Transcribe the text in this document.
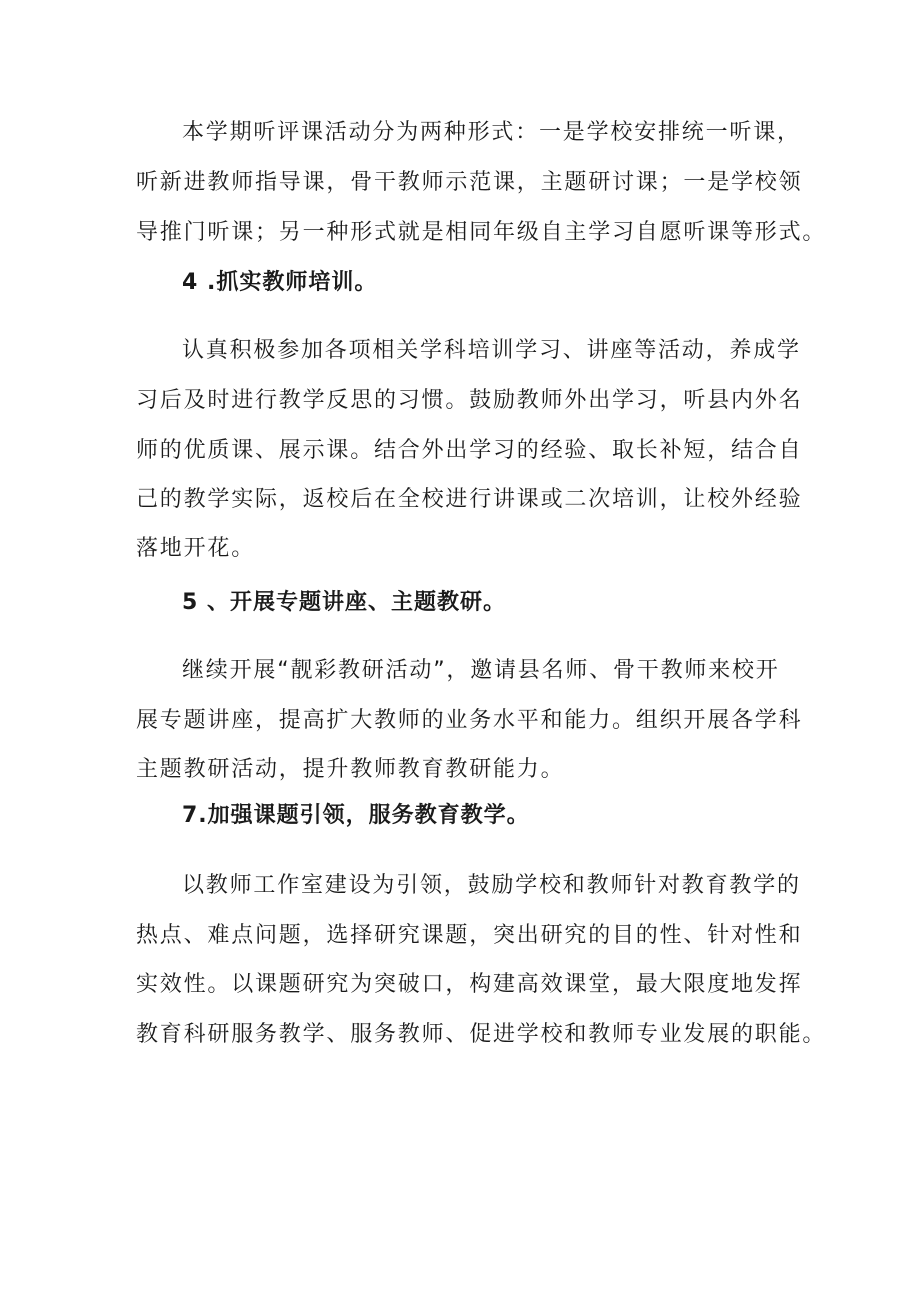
本学期听评课活动分为两种形式：一是学校安排统一听课，

听新进教师指导课，骨干教师示范课，主题研讨课；一是学校领

导推门听课；另一种形式就是相同年级自主学习自愿听课等形式。

4 .抓实教师培训。

认真积极参加各项相关学科培训学习、讲座等活动，养成学

习后及时进行教学反思的习惯。鼓励教师外出学习，听县内外名

师的优质课、展示课。结合外出学习的经验、取长补短，结合自

己的教学实际，返校后在全校进行讲课或二次培训，让校外经验

落地开花。

5 、开展专题讲座、主题教研。

继续开展“靓彩教研活动”，邀请县名师、骨干教师来校开

展专题讲座，提高扩大教师的业务水平和能力。组织开展各学科

主题教研活动，提升教师教育教研能力。

7.加强课题引领，服务教育教学。

以教师工作室建设为引领，鼓励学校和教师针对教育教学的

热点、难点问题，选择研究课题，突出研究的目的性、针对性和

实效性。以课题研究为突破口，构建高效课堂，最大限度地发挥

教育科研服务教学、服务教师、促进学校和教师专业发展的职能。
